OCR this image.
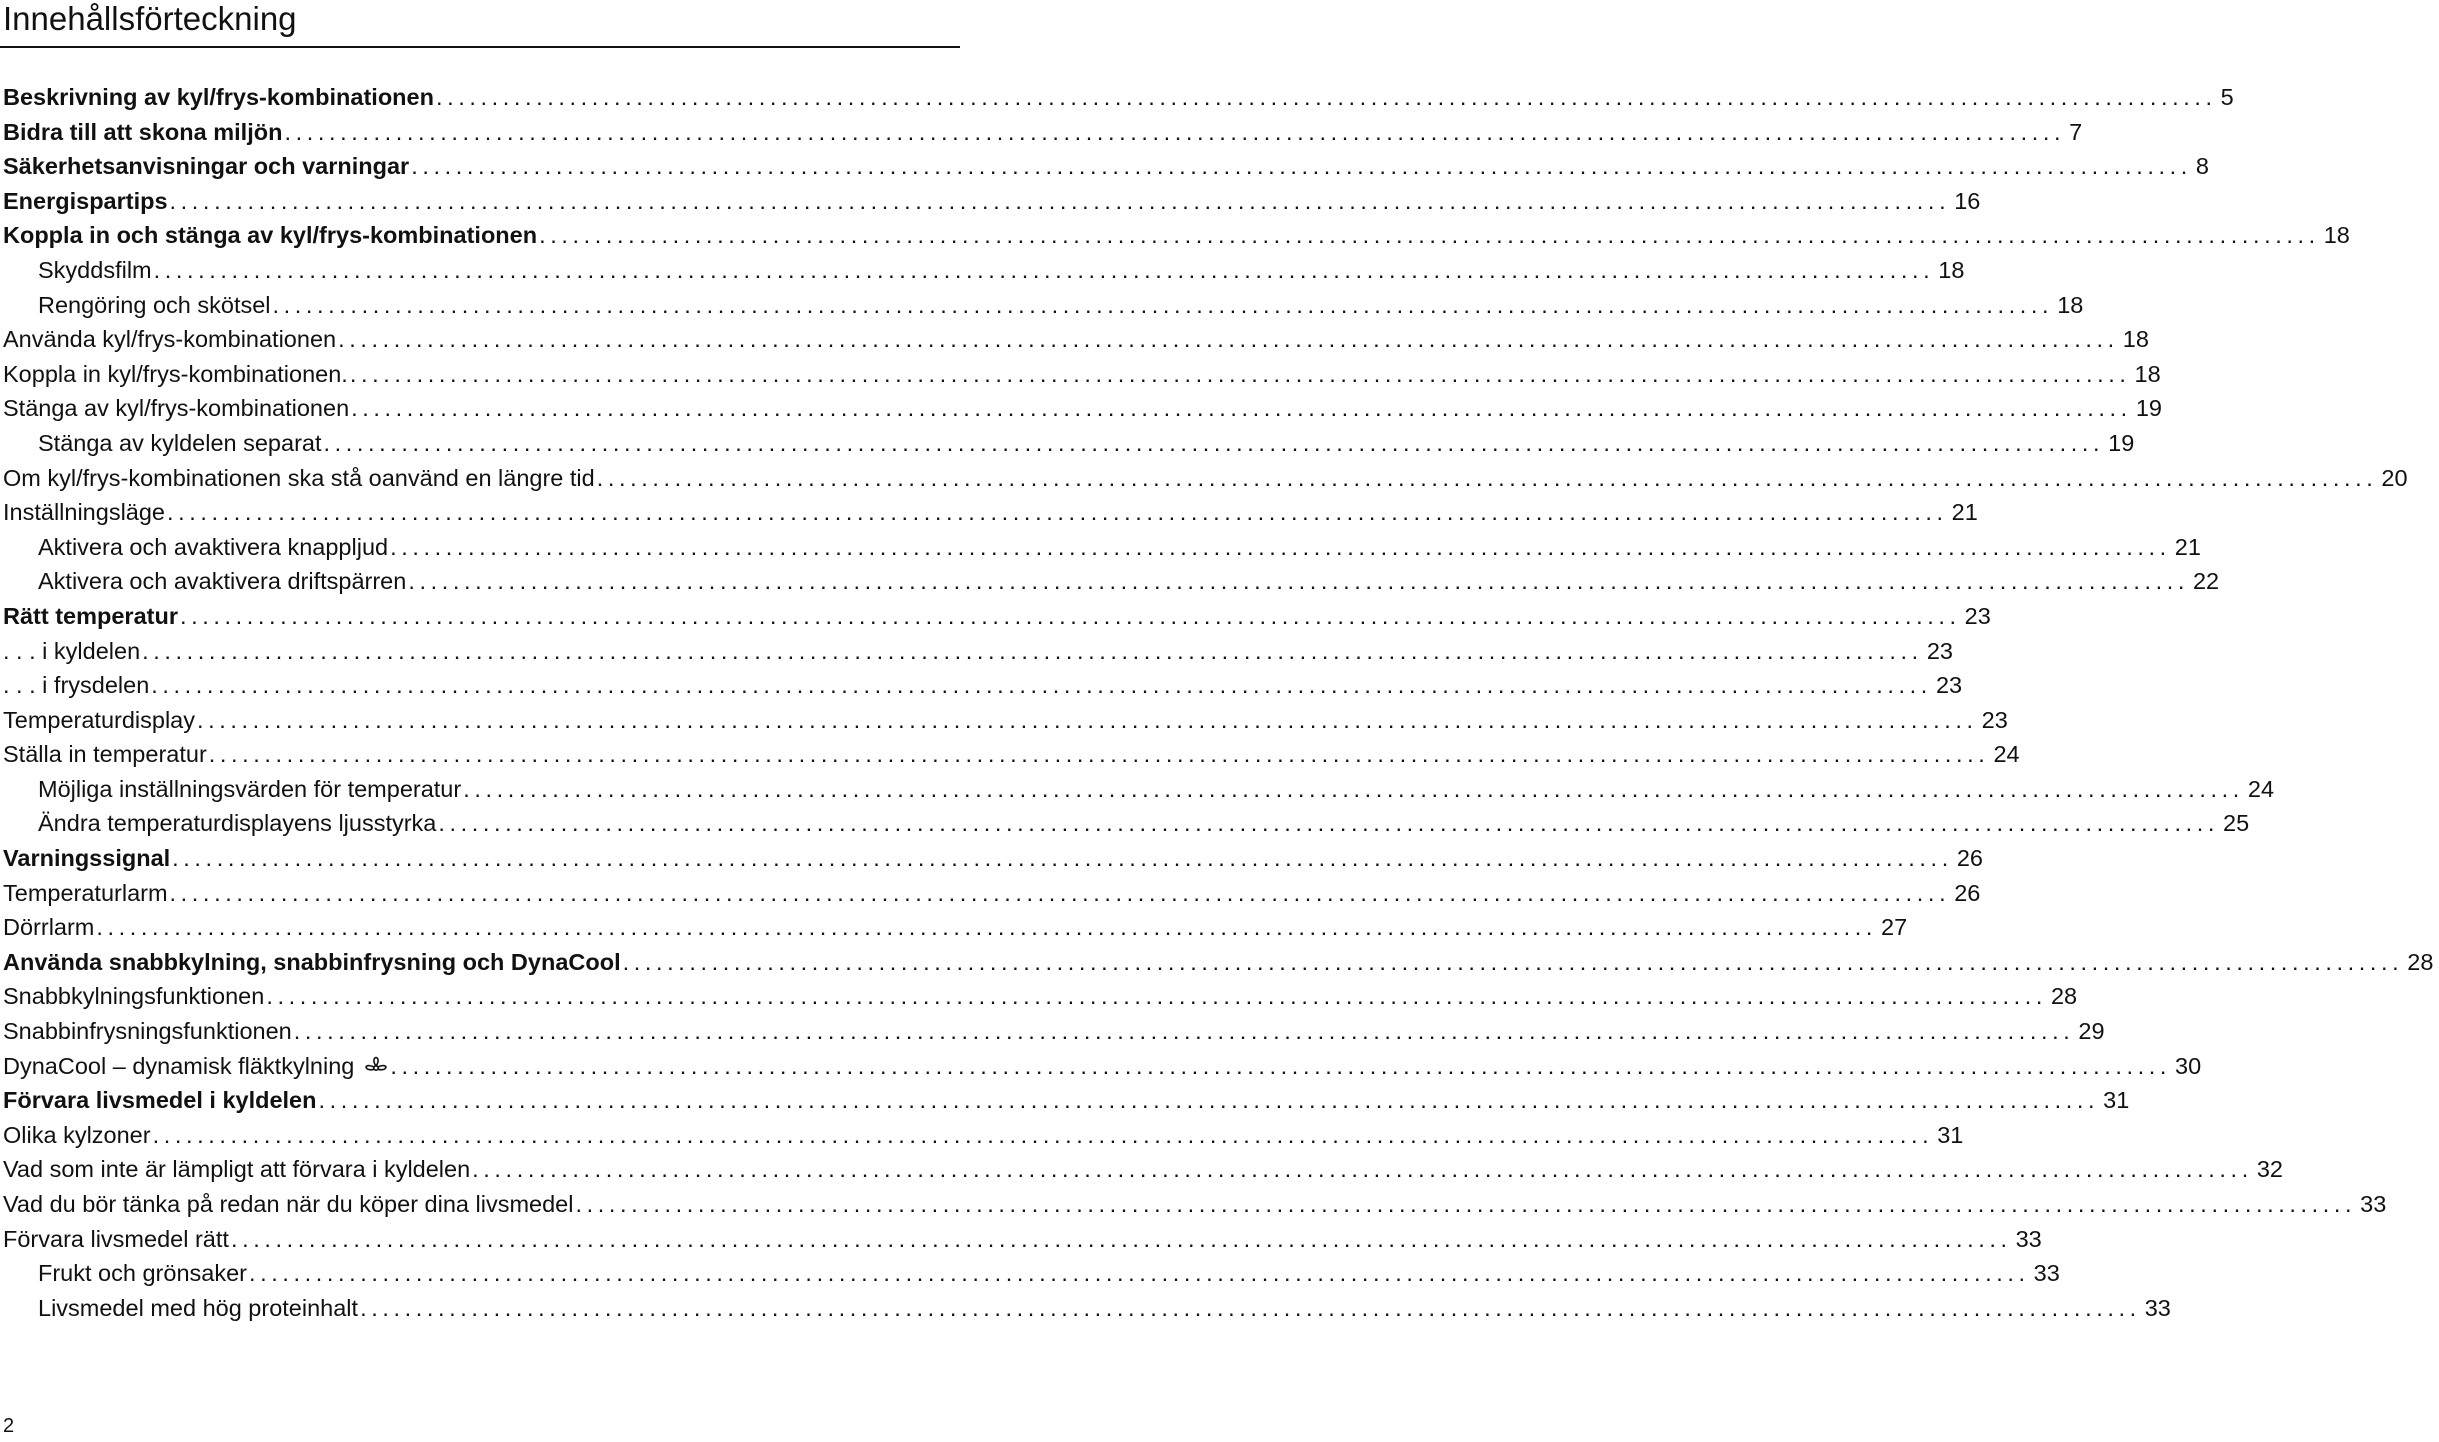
Innehållsförteckning
Beskrivning av kyl/frys-kombinationen ................................................................................................................................................................ 5
Bidra till att skona miljön ................................................................................................................................................................ 7
Säkerhetsanvisningar och varningar ................................................................................................................................................................ 8
Energispartips ................................................................................................................................................................ 16
Koppla in och stänga av kyl/frys-kombinationen ................................................................................................................................................................ 18
Skyddsfilm ................................................................................................................................................................ 18
Rengöring och skötsel ................................................................................................................................................................ 18
Använda kyl/frys-kombinationen ................................................................................................................................................................ 18
Koppla in kyl/frys-kombinationen. ................................................................................................................................................................ 18
Stänga av kyl/frys-kombinationen ................................................................................................................................................................ 19
Stänga av kyldelen separat ................................................................................................................................................................ 19
Om kyl/frys-kombinationen ska stå oanvänd en längre tid ................................................................................................................................................................ 20
Inställningsläge ................................................................................................................................................................ 21
Aktivera och avaktivera knappljud ................................................................................................................................................................ 21
Aktivera och avaktivera driftspärren ................................................................................................................................................................ 22
Rätt temperatur ................................................................................................................................................................ 23
. . . i kyldelen ................................................................................................................................................................ 23
. . . i frysdelen ................................................................................................................................................................ 23
Temperaturdisplay ................................................................................................................................................................ 23
Ställa in temperatur ................................................................................................................................................................ 24
Möjliga inställningsvärden för temperatur ................................................................................................................................................................ 24
Ändra temperaturdisplayens ljusstyrka ................................................................................................................................................................ 25
Varningssignal ................................................................................................................................................................ 26
Temperaturlarm ................................................................................................................................................................ 26
Dörrlarm ................................................................................................................................................................ 27
Använda snabbkylning, snabbinfrysning och DynaCool ................................................................................................................................................................ 28
Snabbkylningsfunktionen ................................................................................................................................................................ 28
Snabbinfrysningsfunktionen ................................................................................................................................................................ 29
DynaCool – dynamisk fläktkylning	................................................................................................................................................................ 30
Förvara livsmedel i kyldelen ................................................................................................................................................................ 31
Olika kylzoner ................................................................................................................................................................ 31
Vad som inte är lämpligt att förvara i kyldelen ................................................................................................................................................................ 32
Vad du bör tänka på redan när du köper dina livsmedel ................................................................................................................................................................ 33
Förvara livsmedel rätt ................................................................................................................................................................ 33
Frukt och grönsaker ................................................................................................................................................................ 33
Livsmedel med hög proteinhalt ................................................................................................................................................................ 33
2
